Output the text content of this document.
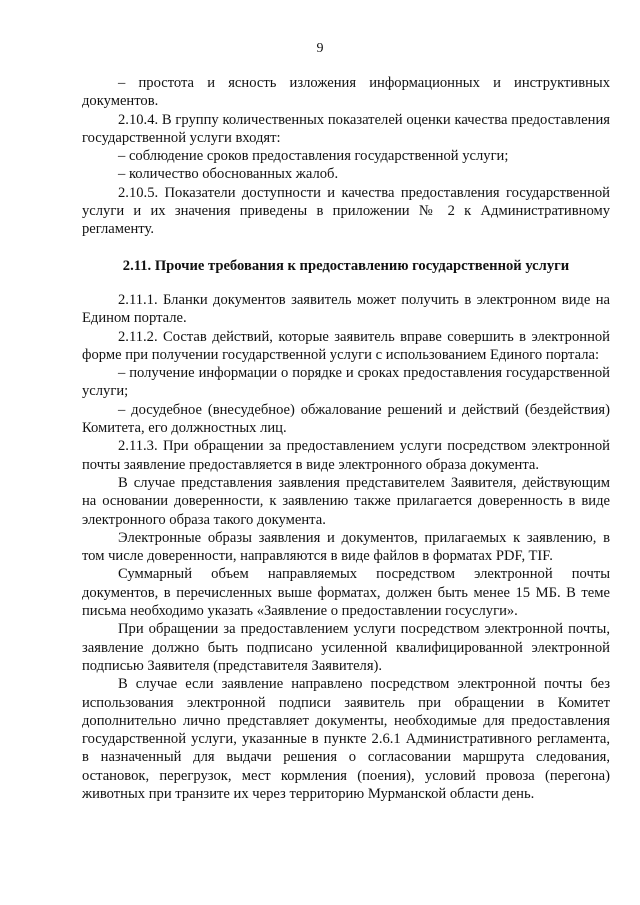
9

– простота и ясность изложения информационных и инструктивных документов.

2.10.4. В группу количественных показателей оценки качества предоставления государственной услуги входят:

– соблюдение сроков предоставления государственной услуги;

– количество обоснованных жалоб.

2.10.5. Показатели доступности и качества предоставления государственной услуги и их значения приведены в приложении № 2 к Административному регламенту.

2.11. Прочие требования к предоставлению государственной услуги

2.11.1. Бланки документов заявитель может получить в электронном виде на Едином портале.

2.11.2. Состав действий, которые заявитель вправе совершить в электронной форме при получении государственной услуги с использованием Единого портала:

– получение информации о порядке и сроках предоставления государственной услуги;

– досудебное (внесудебное) обжалование решений и действий (бездействия) Комитета, его должностных лиц.

2.11.3. При обращении за предоставлением услуги посредством электронной почты заявление предоставляется в виде электронного образа документа.

В случае представления заявления представителем Заявителя, действующим на основании доверенности, к заявлению также прилагается доверенность в виде электронного образа такого документа.

Электронные образы заявления и документов, прилагаемых к заявлению, в том числе доверенности, направляются в виде файлов в форматах PDF, TIF.

Суммарный объем направляемых посредством электронной почты документов, в перечисленных выше форматах, должен быть менее 15 МБ. В теме письма необходимо указать «Заявление о предоставлении госуслуги».

При обращении за предоставлением услуги посредством электронной почты, заявление должно быть подписано усиленной квалифицированной электронной подписью Заявителя (представителя Заявителя).

В случае если заявление направлено посредством электронной почты без использования электронной подписи заявитель при обращении в Комитет дополнительно лично представляет документы, необходимые для предоставления государственной услуги, указанные в пункте 2.6.1 Административного регламента, в назначенный для выдачи решения о согласовании маршрута следования, остановок, перегрузок, мест кормления (поения), условий провоза (перегона) животных при транзите их через территорию Мурманской области день.
